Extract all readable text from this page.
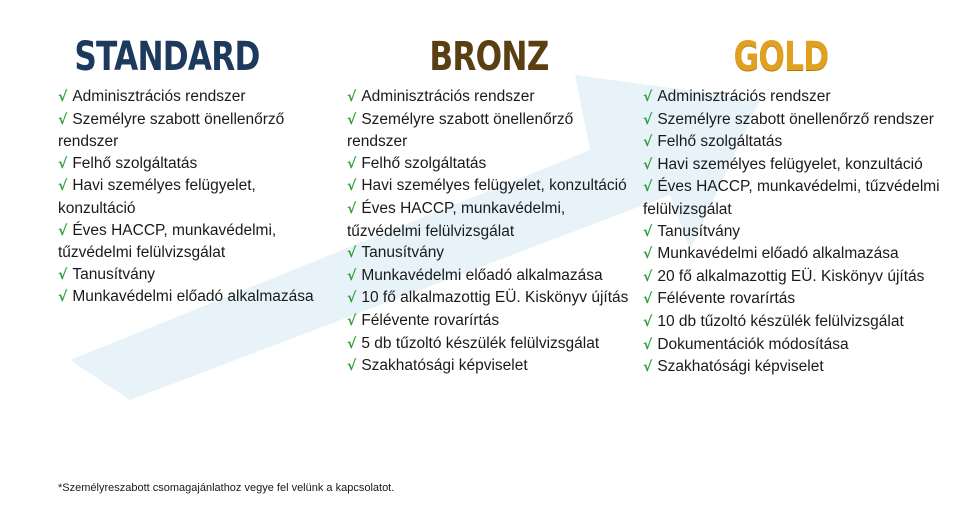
STANDARD
√ Adminisztrációs rendszer
√ Személyre szabott önellenőrző rendszer
√ Felhő szolgáltatás
√ Havi személyes felügyelet, konzultáció
√ Éves HACCP, munkavédelmi, tűzvédelmi felülvizsgálat
√ Tanusítvány
√ Munkavédelmi előadó alkalmazása
BRONZ
√ Adminisztrációs rendszer
√ Személyre szabott önellenőrző rendszer
√ Felhő szolgáltatás
√ Havi személyes felügyelet, konzultáció
√ Éves HACCP, munkavédelmi, tűzvédelmi felülvizsgálat
√ Tanusítvány
√ Munkavédelmi előadó alkalmazása
√ 10 fő alkalmazottig EÜ. Kiskönyv újítás
√ Félévente rovarírtás
√ 5 db tűzoltó készülék felülvizsgálat
√ Szakhatósági képviselet
GOLD
√ Adminisztrációs rendszer
√ Személyre szabott önellenőrző rendszer
√ Felhő szolgáltatás
√ Havi személyes felügyelet, konzultáció
√ Éves HACCP, munkavédelmi, tűzvédelmi felülvizsgálat
√ Tanusítvány
√ Munkavédelmi előadó alkalmazása
√ 20 fő alkalmazottig EÜ. Kiskönyv újítás
√ Félévente rovarírtás
√ 10 db tűzoltó készülék felülvizsgálat
√ Dokumentációk módosítása
√ Szakhatósági képviselet
*Személyreszabott csomagajánlathoz vegye fel velünk a kapcsolatot.
